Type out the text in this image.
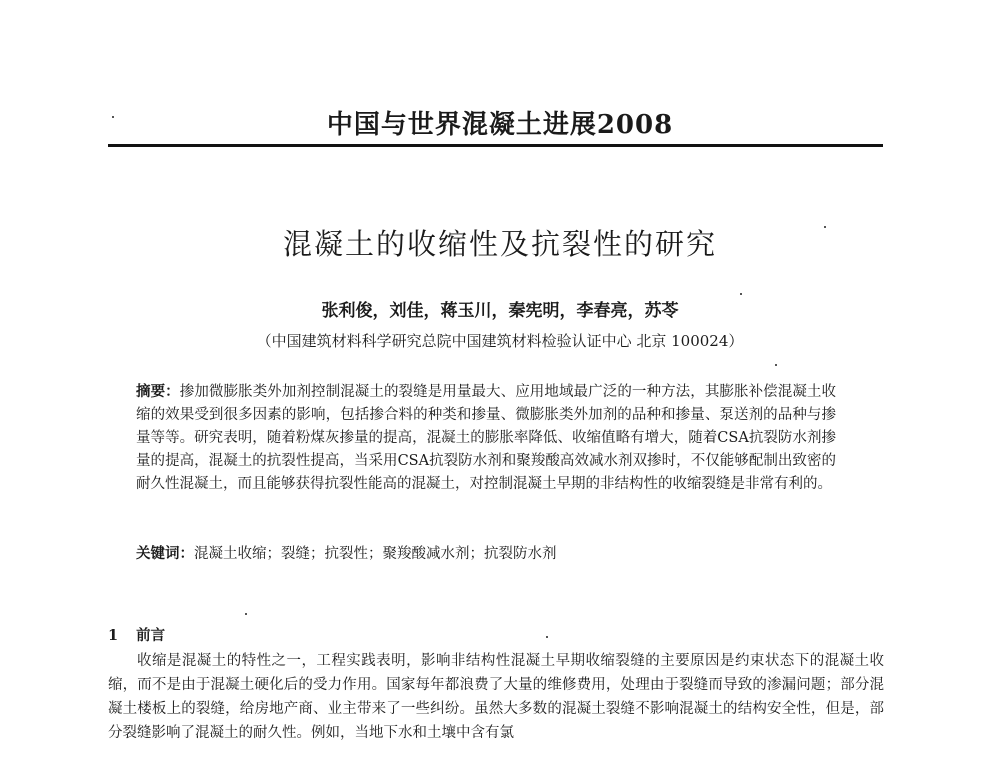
中国与世界混凝土进展2008
混凝土的收缩性及抗裂性的研究
张利俊，刘佳，蒋玉川，秦宪明，李春亮，苏苓
（中国建筑材料科学研究总院中国建筑材料检验认证中心 北京 100024）
摘要：掺加微膨胀类外加剂控制混凝土的裂缝是用量最大、应用地域最广泛的一种方法，其膨胀补偿混凝土收缩的效果受到很多因素的影响，包括掺合料的种类和掺量、微膨胀类外加剂的品种和掺量、泵送剂的品种与掺量等等。研究表明，随着粉煤灰掺量的提高，混凝土的膨胀率降低、收缩值略有增大，随着CSA抗裂防水剂掺量的提高，混凝土的抗裂性提高，当采用CSA抗裂防水剂和聚羧酸高效减水剂双掺时，不仅能够配制出致密的耐久性混凝土，而且能够获得抗裂性能高的混凝土，对控制混凝土早期的非结构性的收缩裂缝是非常有利的。
关键词：混凝土收缩；裂缝；抗裂性；聚羧酸减水剂；抗裂防水剂
1 前言
收缩是混凝土的特性之一，工程实践表明，影响非结构性混凝土早期收缩裂缝的主要原因是约束状态下的混凝土收缩，而不是由于混凝土硬化后的受力作用。国家每年都浪费了大量的维修费用，处理由于裂缝而导致的渗漏问题；部分混凝土楼板上的裂缝，给房地产商、业主带来了一些纠纷。虽然大多数的混凝土裂缝不影响混凝土的结构安全性，但是，部分裂缝影响了混凝土的耐久性。例如，当地下水和土壤中含有氯
